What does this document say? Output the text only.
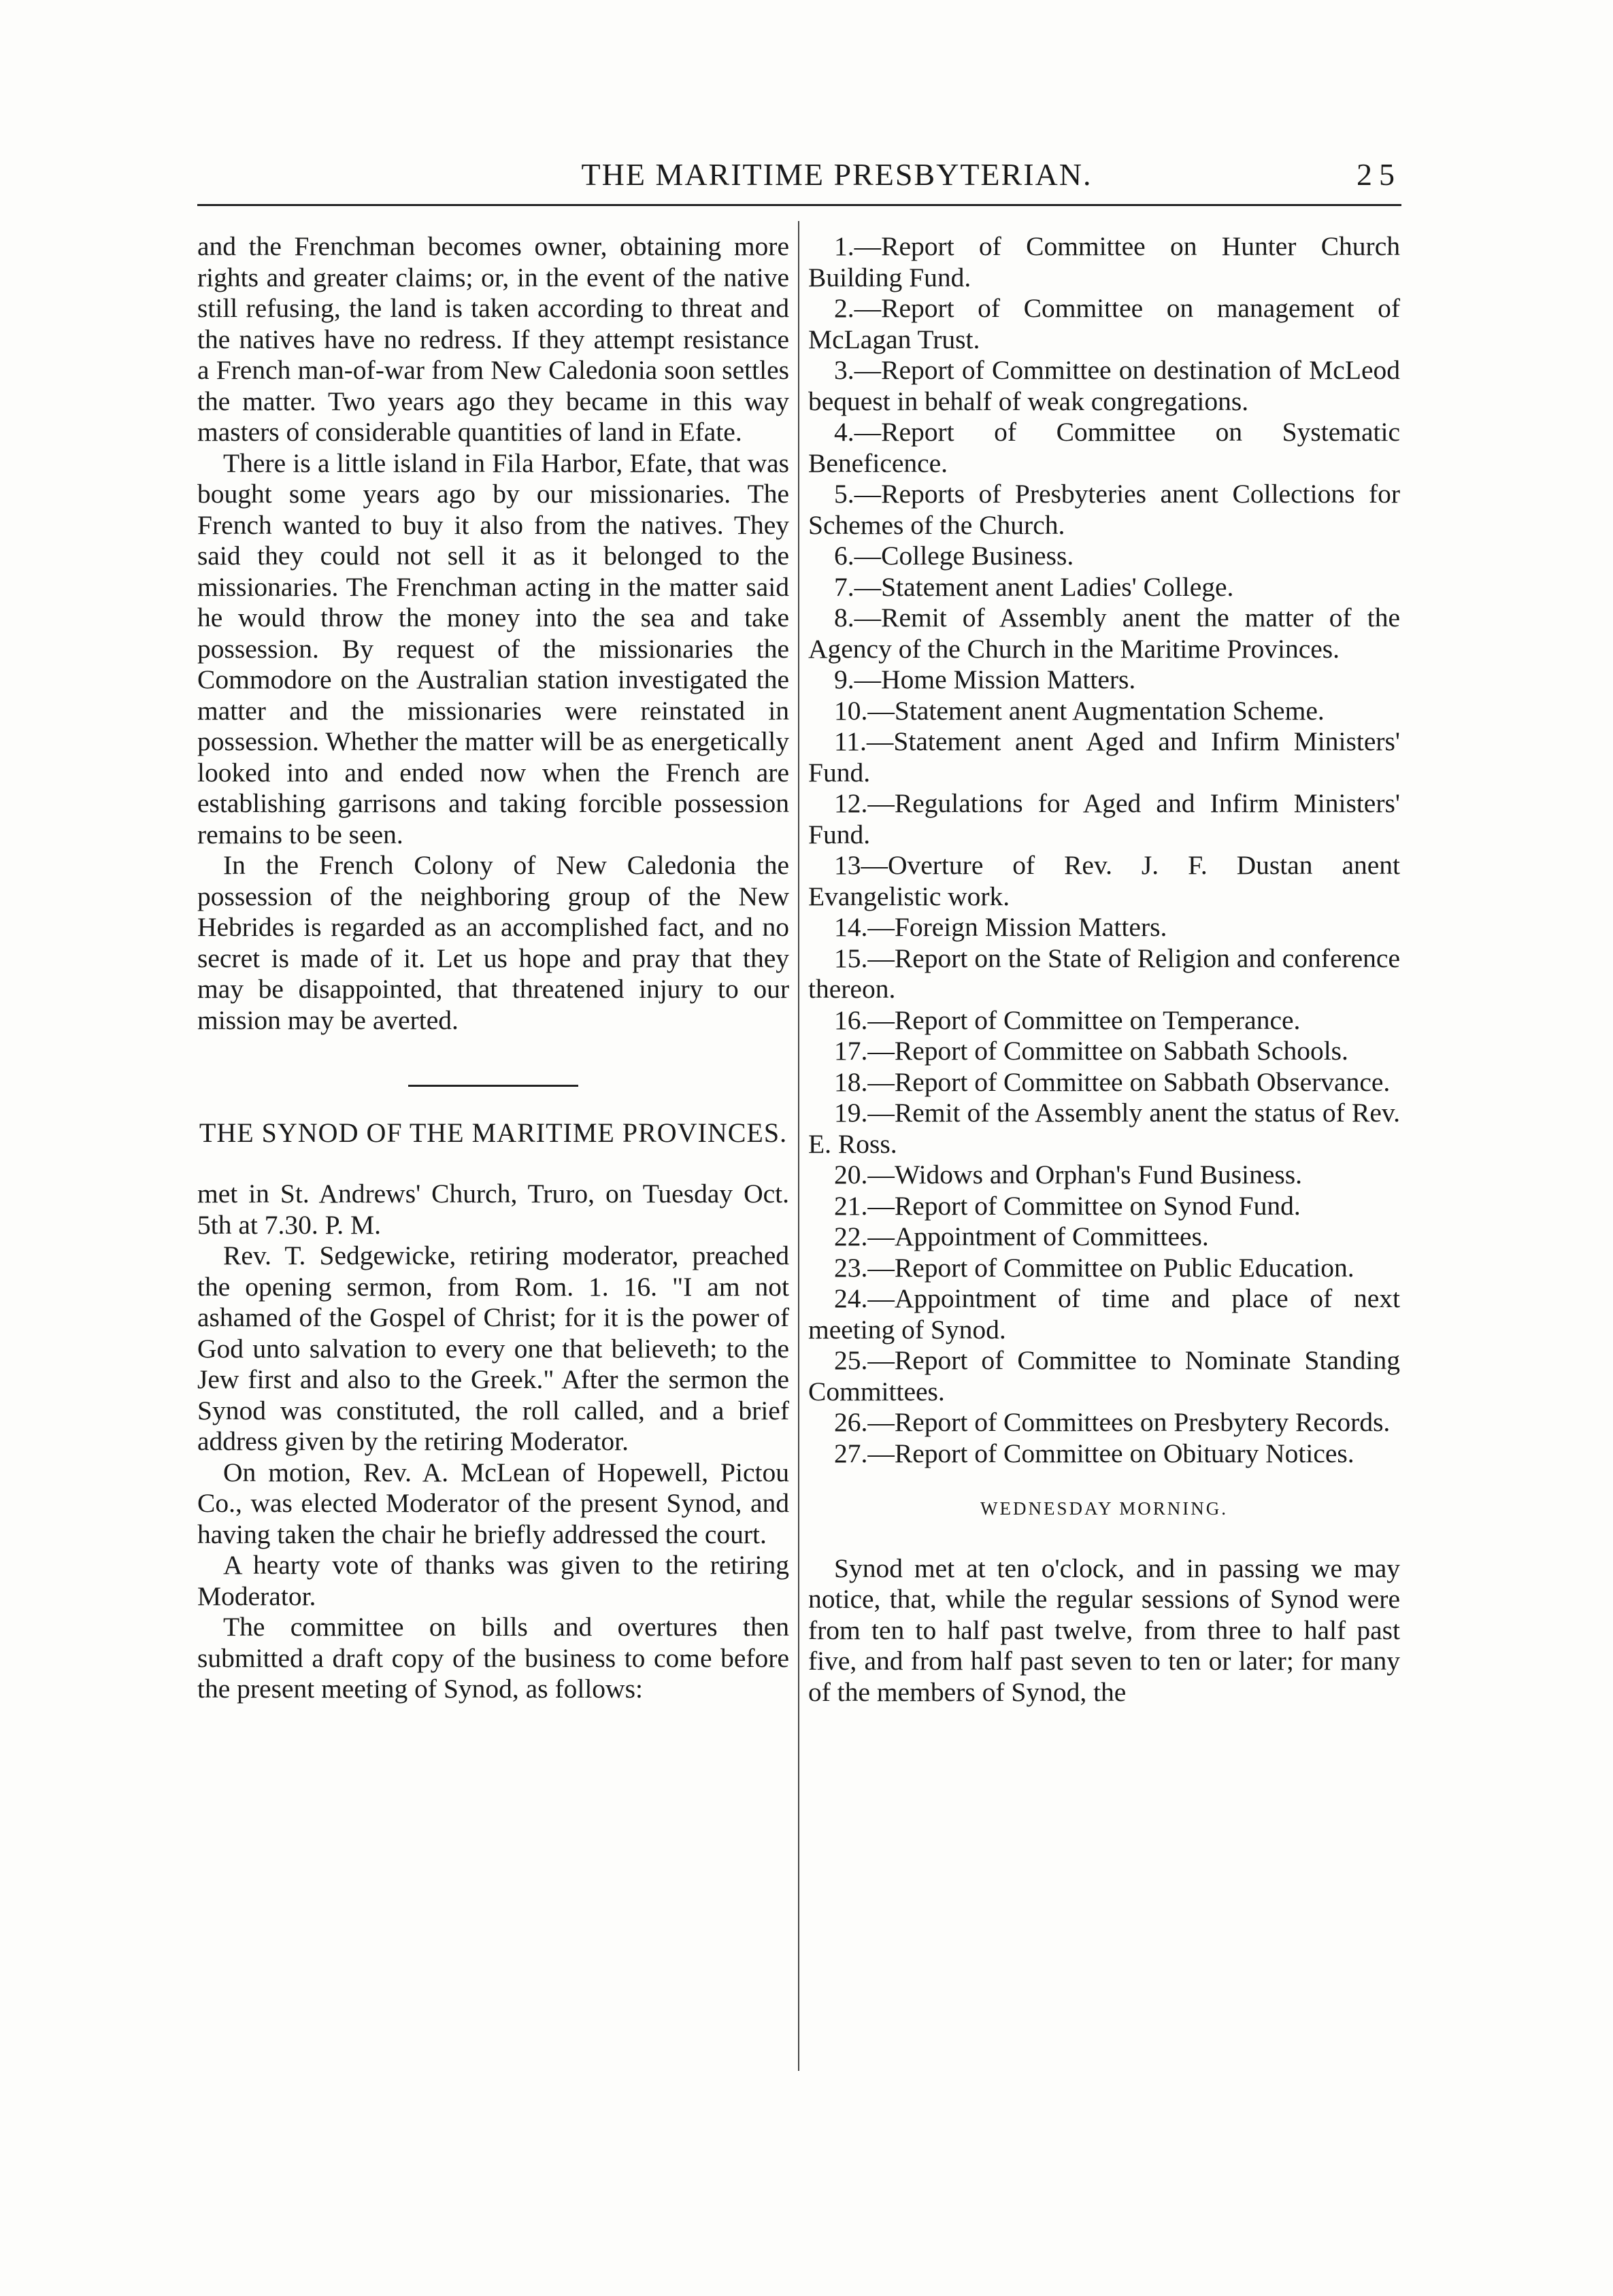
THE MARITIME PRESBYTERIAN.	25

and the Frenchman becomes owner, obtaining more rights and greater claims; or, in the event of the native still refusing, the land is taken according to threat and the natives have no redress. If they attempt resistance a French man-of-war from New Caledonia soon settles the matter. Two years ago they became in this way masters of considerable quantities of land in Efate.

There is a little island in Fila Harbor, Efate, that was bought some years ago by our missionaries. The French wanted to buy it also from the natives. They said they could not sell it as it belonged to the missionaries. The Frenchman acting in the matter said he would throw the money into the sea and take possession. By request of the missionaries the Commodore on the Australian station investigated the matter and the missionaries were reinstated in possession. Whether the matter will be as energetically looked into and ended now when the French are establishing garrisons and taking forcible possession remains to be seen.

In the French Colony of New Caledonia the possession of the neighboring group of the New Hebrides is regarded as an accomplished fact, and no secret is made of it. Let us hope and pray that they may be disappointed, that threatened injury to our mission may be averted.

THE SYNOD OF THE MARITIME PROVINCES.

met in St. Andrews' Church, Truro, on Tuesday Oct. 5th at 7.30. P. M.

Rev. T. Sedgewicke, retiring moderator, preached the opening sermon, from Rom. 1. 16. "I am not ashamed of the Gospel of Christ; for it is the power of God unto salvation to every one that believeth; to the Jew first and also to the Greek." After the sermon the Synod was constituted, the roll called, and a brief address given by the retiring Moderator.

On motion, Rev. A. McLean of Hopewell, Pictou Co., was elected Moderator of the present Synod, and having taken the chair he briefly addressed the court.

A hearty vote of thanks was given to the retiring Moderator.

The committee on bills and overtures then submitted a draft copy of the business to come before the present meeting of Synod, as follows:

1.—Report of Committee on Hunter Church Building Fund.
2.—Report of Committee on management of McLagan Trust.
3.—Report of Committee on destination of McLeod bequest in behalf of weak congregations.
4.—Report of Committee on Systematic Beneficence.
5.—Reports of Presbyteries anent Collections for Schemes of the Church.
6.—College Business.
7.—Statement anent Ladies' College.
8.—Remit of Assembly anent the matter of the Agency of the Church in the Maritime Provinces.
9.—Home Mission Matters.
10.—Statement anent Augmentation Scheme.
11.—Statement anent Aged and Infirm Ministers' Fund.
12.—Regulations for Aged and Infirm Ministers' Fund.
13—Overture of Rev. J. F. Dustan anent Evangelistic work.
14.—Foreign Mission Matters.
15.—Report on the State of Religion and conference thereon.
16.—Report of Committee on Temperance.
17.—Report of Committee on Sabbath Schools.
18.—Report of Committee on Sabbath Observance.
19.—Remit of the Assembly anent the status of Rev. E. Ross.
20.—Widows and Orphan's Fund Business.
21.—Report of Committee on Synod Fund.
22.—Appointment of Committees.
23.—Report of Committee on Public Education.
24.—Appointment of time and place of next meeting of Synod.
25.—Report of Committee to Nominate Standing Committees.
26.—Report of Committees on Presbytery Records.
27.—Report of Committee on Obituary Notices.
WEDNESDAY MORNING.

Synod met at ten o'clock, and in passing we may notice, that, while the regular sessions of Synod were from ten to half past twelve, from three to half past five, and from half past seven to ten or later; for many of the members of Synod, the
